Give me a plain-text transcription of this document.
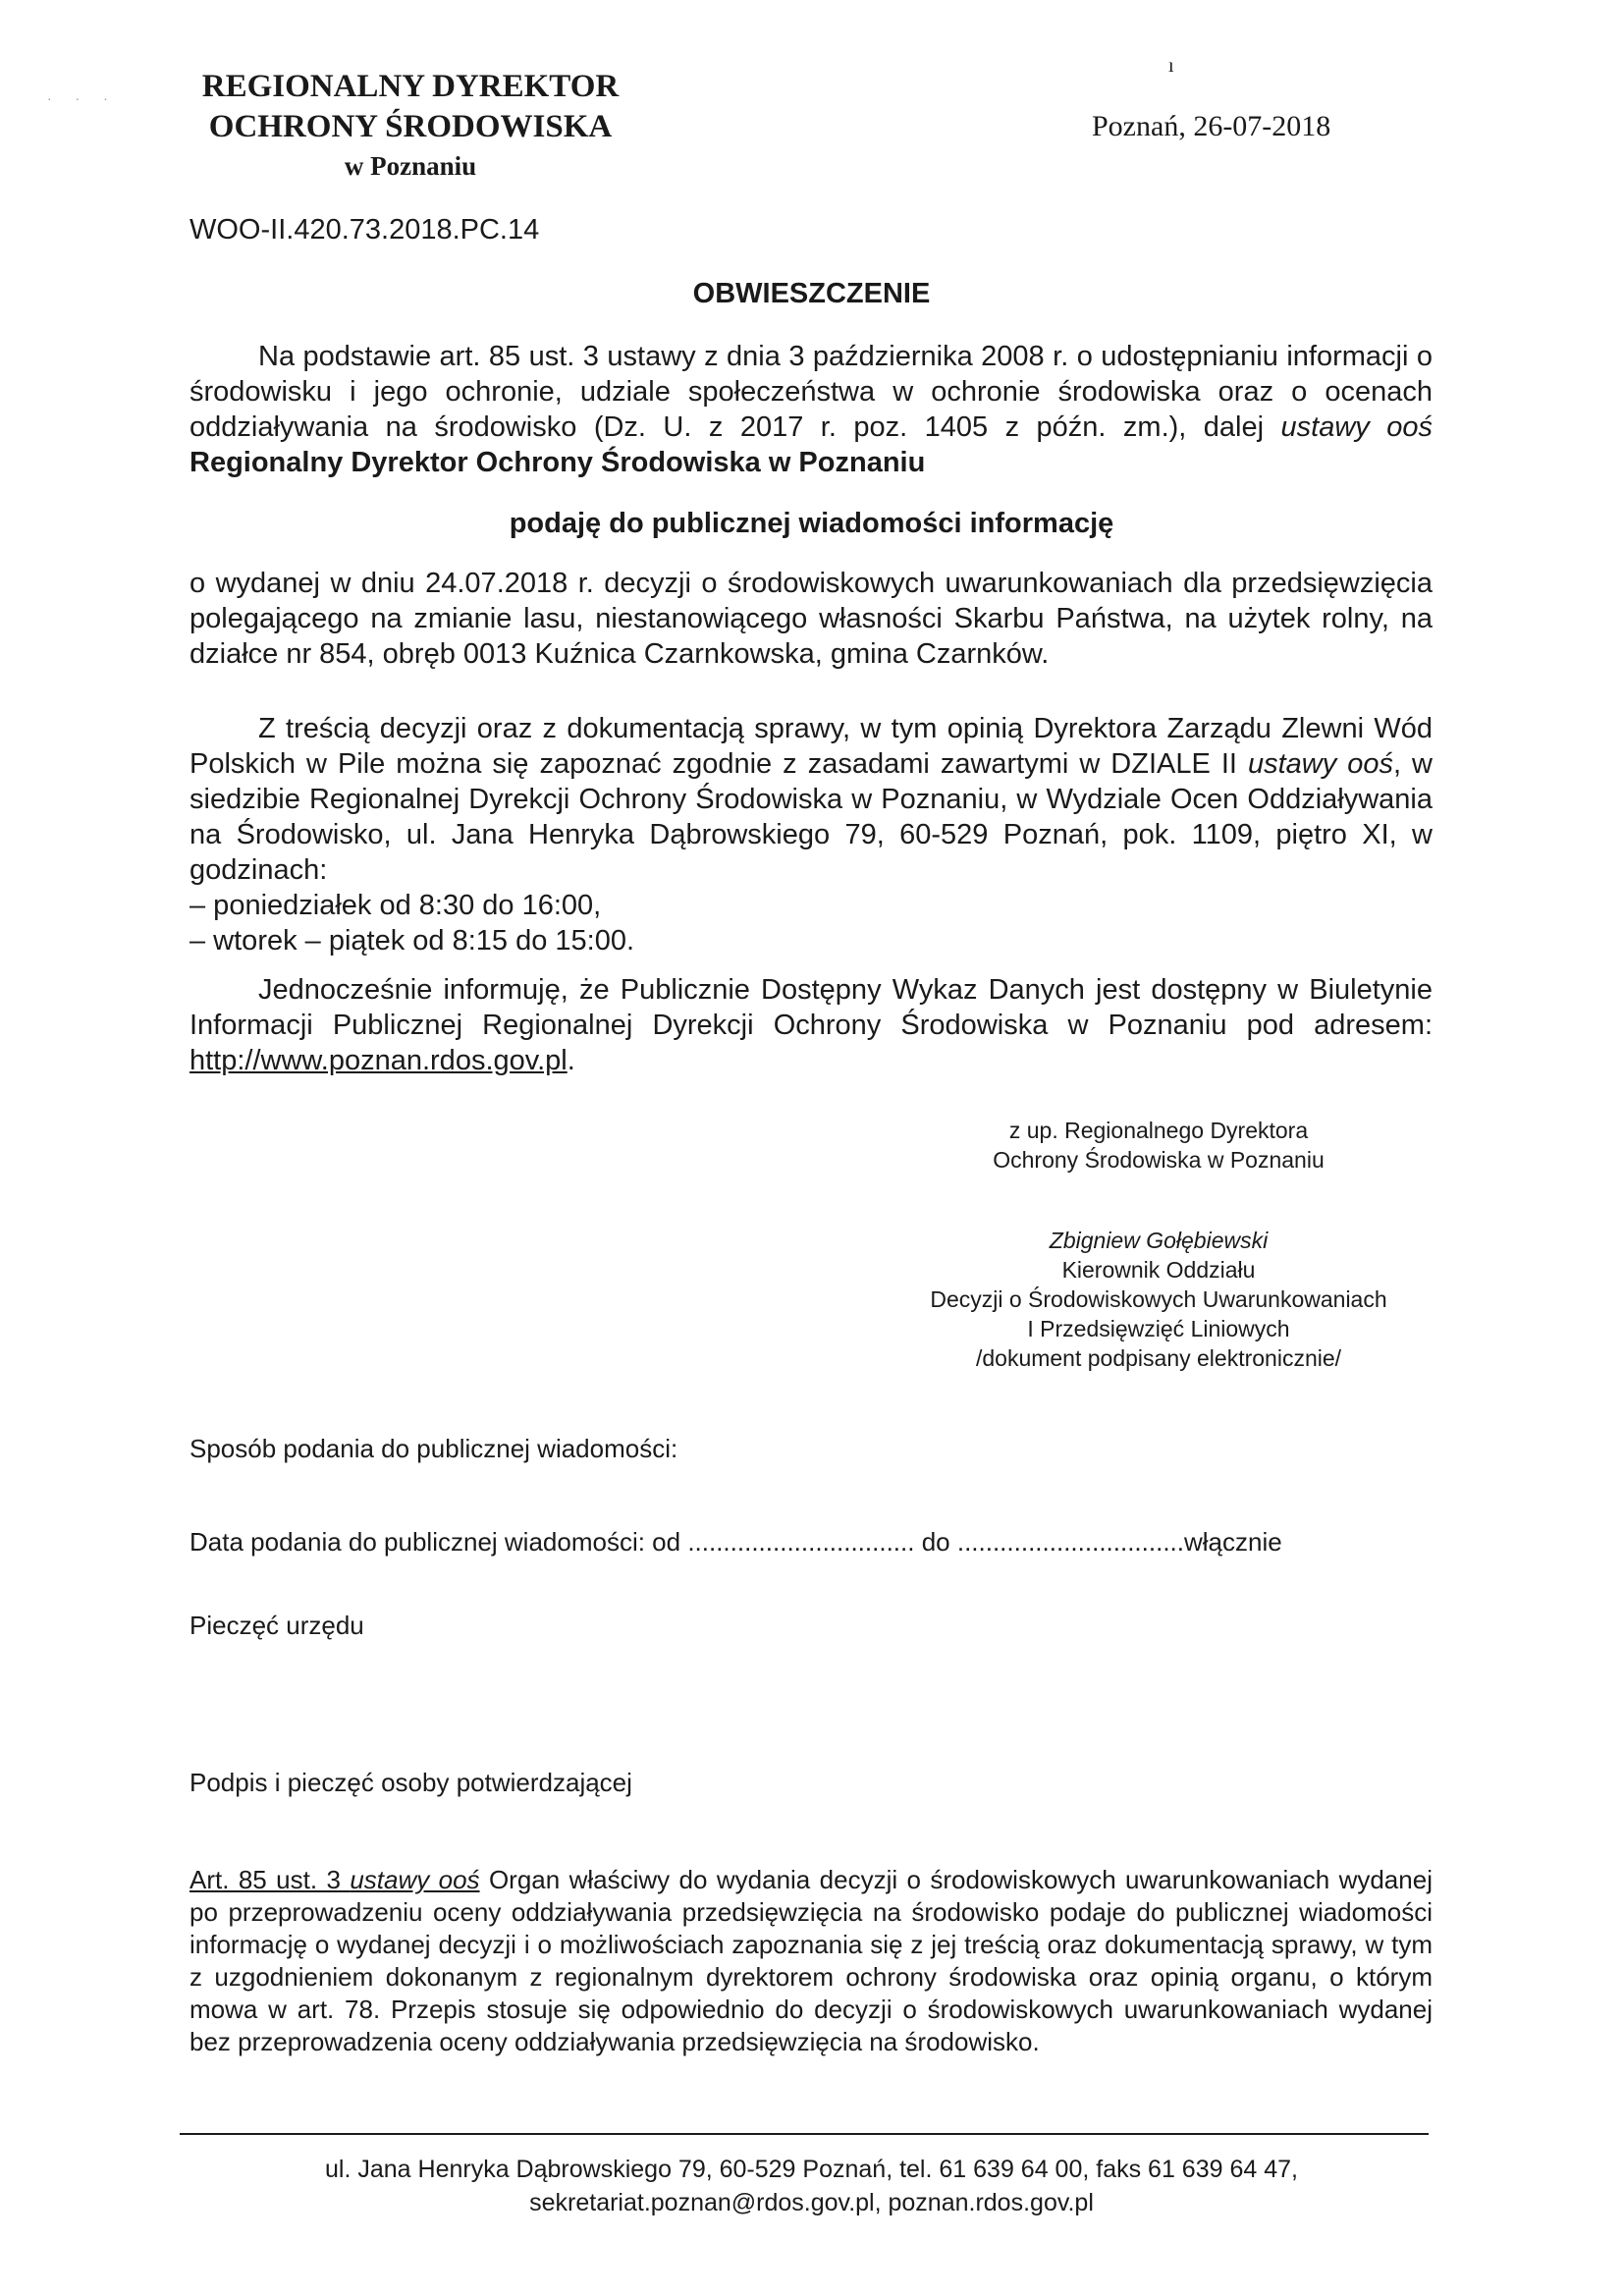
· · ·
ı
REGIONALNY DYREKTOR
OCHRONY ŚRODOWISKA
w Poznaniu
Poznań, 26-07-2018
WOO-II.420.73.2018.PC.14
OBWIESZCZENIE
Na podstawie art. 85 ust. 3 ustawy z dnia 3 października 2008 r. o udostępnianiu informacji o środowisku i jego ochronie, udziale społeczeństwa w ochronie środowiska oraz o ocenach oddziaływania na środowisko (Dz. U. z 2017 r. poz. 1405 z późn. zm.), dalej ustawy ooś Regionalny Dyrektor Ochrony Środowiska w Poznaniu
podaję do publicznej wiadomości informację
o wydanej w dniu 24.07.2018 r. decyzji o środowiskowych uwarunkowaniach dla przedsięwzięcia polegającego na zmianie lasu, niestanowiącego własności Skarbu Państwa, na użytek rolny, na działce nr 854, obręb 0013 Kuźnica Czarnkowska, gmina Czarnków.

Z treścią decyzji oraz z dokumentacją sprawy, w tym opinią Dyrektora Zarządu Zlewni Wód Polskich w Pile można się zapoznać zgodnie z zasadami zawartymi w DZIALE II ustawy ooś, w siedzibie Regionalnej Dyrekcji Ochrony Środowiska w Poznaniu, w Wydziale Ocen Oddziaływania na Środowisko, ul. Jana Henryka Dąbrowskiego 79, 60-529 Poznań, pok. 1109, piętro XI, w godzinach:

– poniedziałek od 8:30 do 16:00,
– wtorek – piątek od 8:15 do 15:00.
Jednocześnie informuję, że Publicznie Dostępny Wykaz Danych jest dostępny w Biuletynie Informacji Publicznej Regionalnej Dyrekcji Ochrony Środowiska w Poznaniu pod adresem: http://www.poznan.rdos.gov.pl.
z up. Regionalnego Dyrektora
Ochrony Środowiska w Poznaniu
Zbigniew Gołębiewski
Kierownik Oddziału
Decyzji o Środowiskowych Uwarunkowaniach
I Przedsięwzięć Liniowych
/dokument podpisany elektronicznie/
Sposób podania do publicznej wiadomości:
Data podania do publicznej wiadomości: od ................................ do ................................włącznie
Pieczęć urzędu
Podpis i pieczęć osoby potwierdzającej
Art. 85 ust. 3 ustawy ooś Organ właściwy do wydania decyzji o środowiskowych uwarunkowaniach wydanej po przeprowadzeniu oceny oddziaływania przedsięwzięcia na środowisko podaje do publicznej wiadomości informację o wydanej decyzji i o możliwościach zapoznania się z jej treścią oraz dokumentacją sprawy, w tym z uzgodnieniem dokonanym z regionalnym dyrektorem ochrony środowiska oraz opinią organu, o którym mowa w art. 78. Przepis stosuje się odpowiednio do decyzji o środowiskowych uwarunkowaniach wydanej bez przeprowadzenia oceny oddziaływania przedsięwzięcia na środowisko.
ul. Jana Henryka Dąbrowskiego 79, 60-529 Poznań, tel. 61 639 64 00, faks 61 639 64 47,
sekretariat.poznan@rdos.gov.pl, poznan.rdos.gov.pl
